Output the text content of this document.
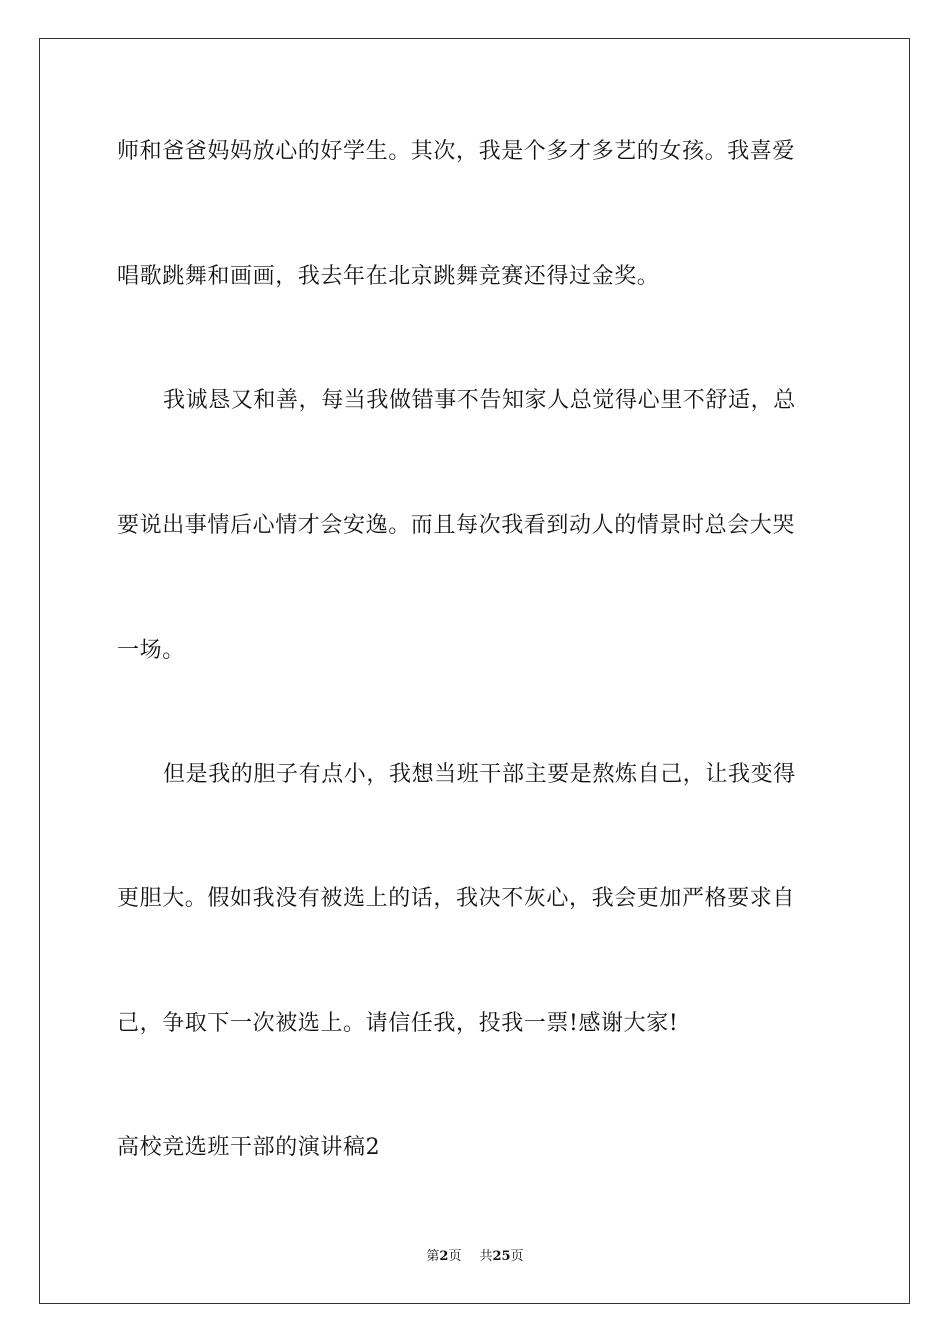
师和爸爸妈妈放心的好学生。其次，我是个多才多艺的女孩。我喜爱
唱歌跳舞和画画，我去年在北京跳舞竞赛还得过金奖。
我诚恳又和善，每当我做错事不告知家人总觉得心里不舒适，总
要说出事情后心情才会安逸。而且每次我看到动人的情景时总会大哭
一场。
但是我的胆子有点小，我想当班干部主要是熬炼自己，让我变得
更胆大。假如我没有被选上的话，我决不灰心，我会更加严格要求自
己，争取下一次被选上。请信任我，投我一票!感谢大家!
高校竞选班干部的演讲稿2
第2页 共25页
